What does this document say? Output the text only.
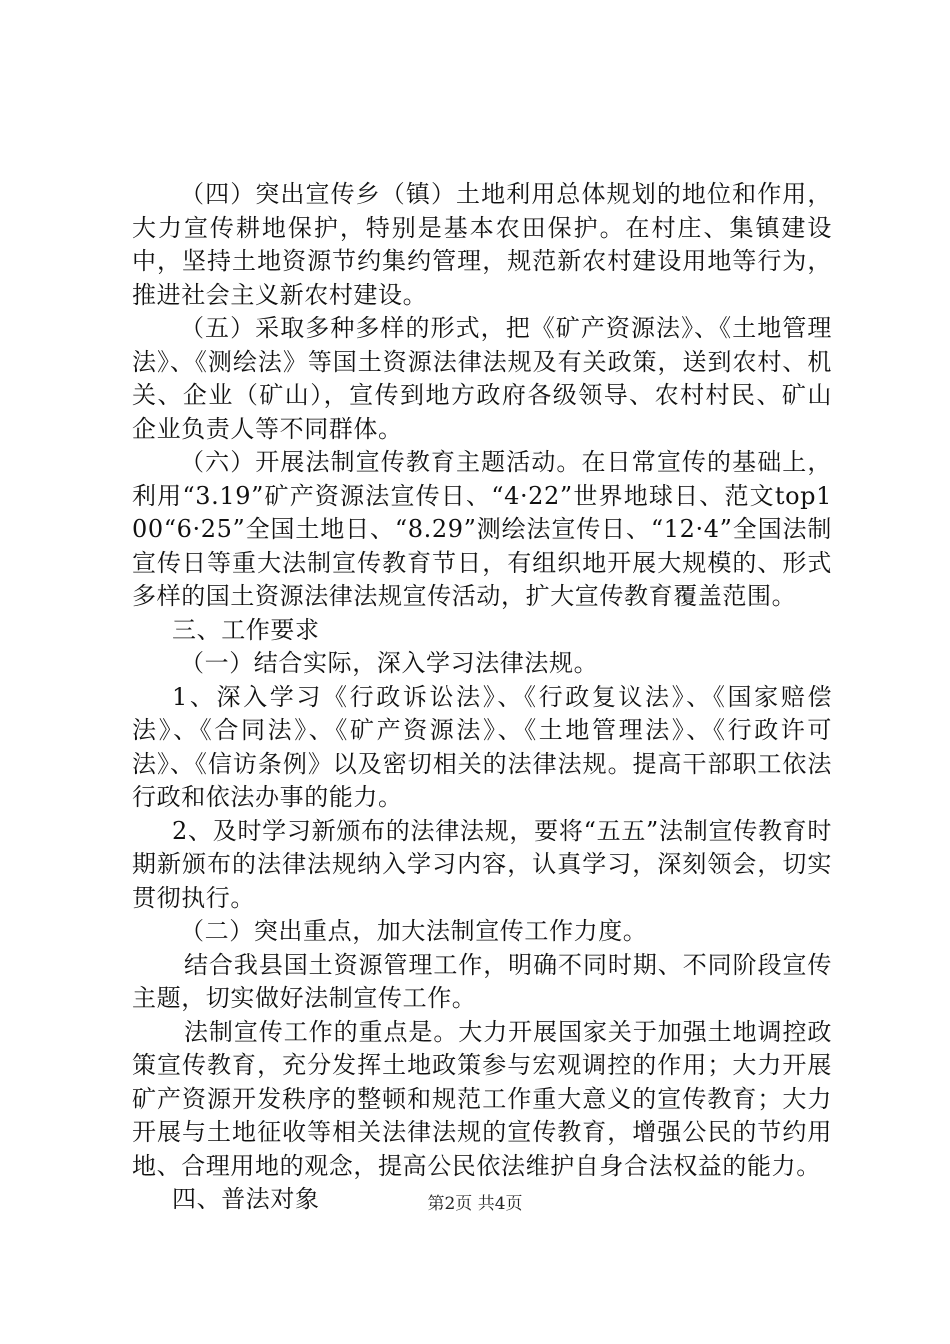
（四）突出宣传乡（镇）土地利用总体规划的地位和作用，大力宣传耕地保护，特别是基本农田保护。在村庄、集镇建设中，坚持土地资源节约集约管理，规范新农村建设用地等行为，推进社会主义新农村建设。

（五）采取多种多样的形式，把《矿产资源法》、《土地管理法》、《测绘法》等国土资源法律法规及有关政策，送到农村、机关、企业（矿山），宣传到地方政府各级领导、农村村民、矿山企业负责人等不同群体。

（六）开展法制宣传教育主题活动。在日常宣传的基础上，利用“3.19”矿产资源法宣传日、“4·22”世界地球日、范文top100“6·25”全国土地日、“8.29”测绘法宣传日、“12·4”全国法制宣传日等重大法制宣传教育节日，有组织地开展大规模的、形式多样的国土资源法律法规宣传活动，扩大宣传教育覆盖范围。

三、工作要求

（一）结合实际，深入学习法律法规。

1、深入学习《行政诉讼法》、《行政复议法》、《国家赔偿法》、《合同法》、《矿产资源法》、《土地管理法》、《行政许可法》、《信访条例》以及密切相关的法律法规。提高干部职工依法行政和依法办事的能力。

2、及时学习新颁布的法律法规，要将“五五”法制宣传教育时期新颁布的法律法规纳入学习内容，认真学习，深刻领会，切实贯彻执行。

（二）突出重点，加大法制宣传工作力度。

结合我县国土资源管理工作，明确不同时期、不同阶段宣传主题，切实做好法制宣传工作。

法制宣传工作的重点是。大力开展国家关于加强土地调控政策宣传教育，充分发挥土地政策参与宏观调控的作用；大力开展矿产资源开发秩序的整顿和规范工作重大意义的宣传教育；大力开展与土地征收等相关法律法规的宣传教育，增强公民的节约用地、合理用地的观念，提高公民依法维护自身合法权益的能力。

四、普法对象	第2页 共4页
